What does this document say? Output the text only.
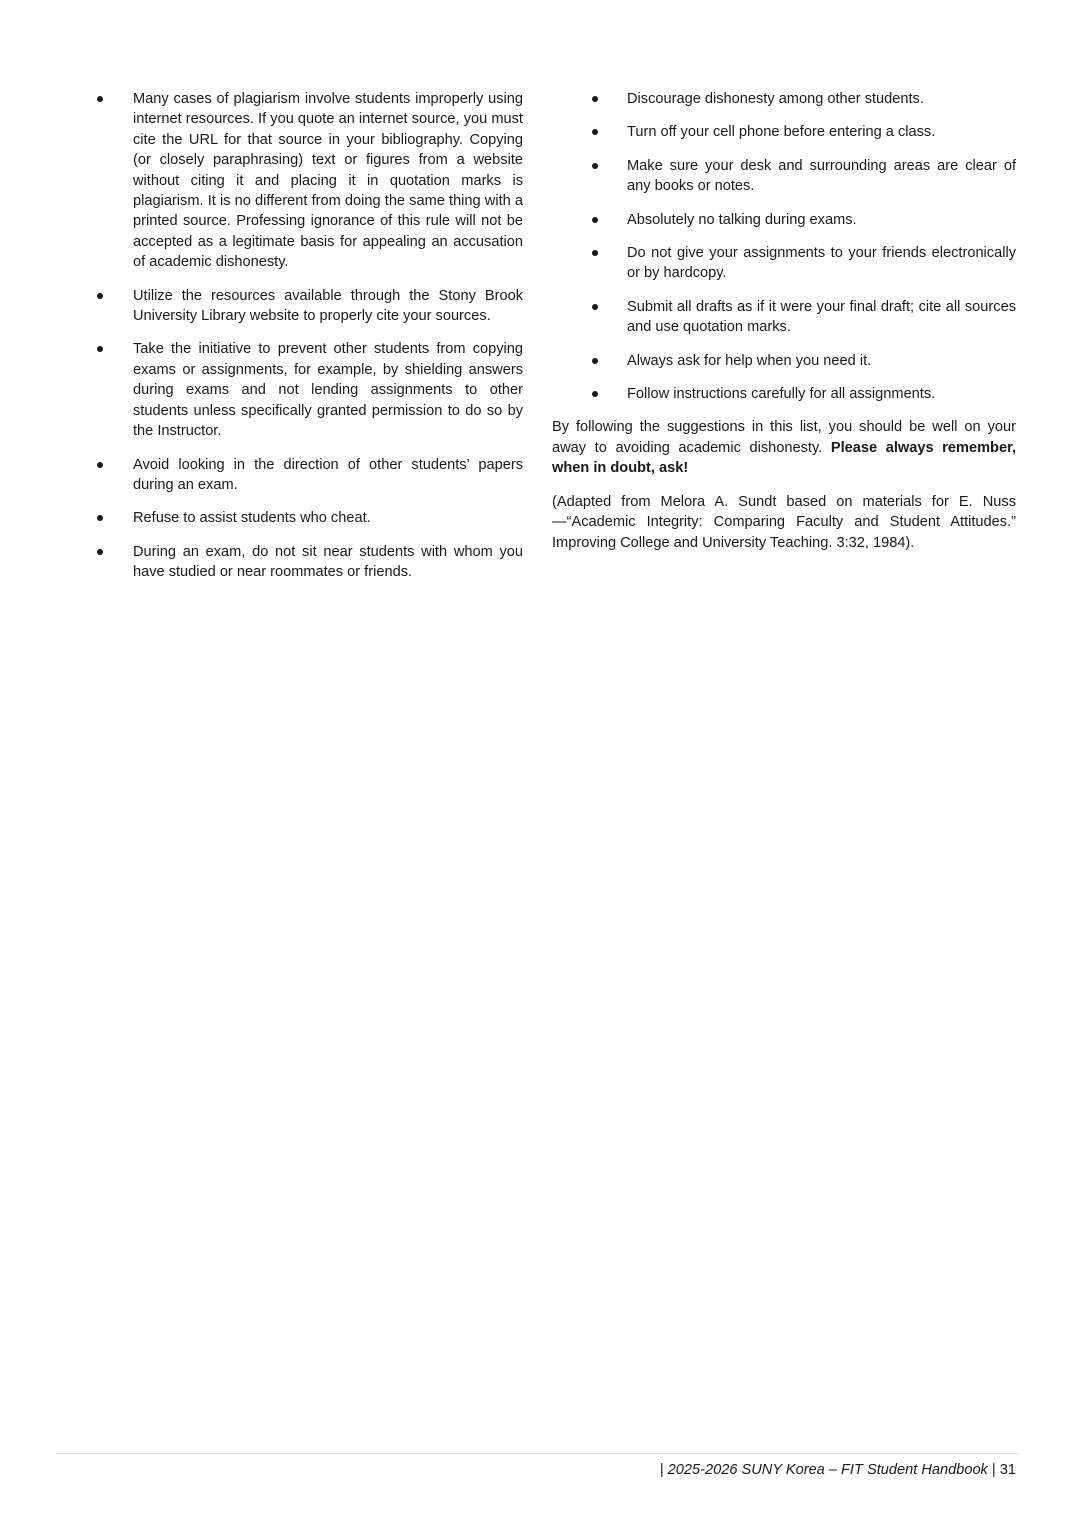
Many cases of plagiarism involve students improperly using internet resources. If you quote an internet source, you must cite the URL for that source in your bibliography. Copying (or closely paraphrasing) text or figures from a website without citing it and placing it in quotation marks is plagiarism. It is no different from doing the same thing with a printed source. Professing ignorance of this rule will not be accepted as a legitimate basis for appealing an accusation of academic dishonesty.
Utilize the resources available through the Stony Brook University Library website to properly cite your sources.
Take the initiative to prevent other students from copying exams or assignments, for example, by shielding answers during exams and not lending assignments to other students unless specifically granted permission to do so by the Instructor.
Avoid looking in the direction of other students’ papers during an exam.
Refuse to assist students who cheat.
During an exam, do not sit near students with whom you have studied or near roommates or friends.
Discourage dishonesty among other students.
Turn off your cell phone before entering a class.
Make sure your desk and surrounding areas are clear of any books or notes.
Absolutely no talking during exams.
Do not give your assignments to your friends electronically or by hardcopy.
Submit all drafts as if it were your final draft; cite all sources and use quotation marks.
Always ask for help when you need it.
Follow instructions carefully for all assignments.

By following the suggestions in this list, you should be well on your away to avoiding academic dishonesty. Please always remember, when in doubt, ask!

(Adapted from Melora A. Sundt based on materials for E. Nuss—“Academic Integrity: Comparing Faculty and Student Attitudes.” Improving College and University Teaching. 3:32, 1984).

| 2025-2026 SUNY Korea – FIT Student Handbook | 31
